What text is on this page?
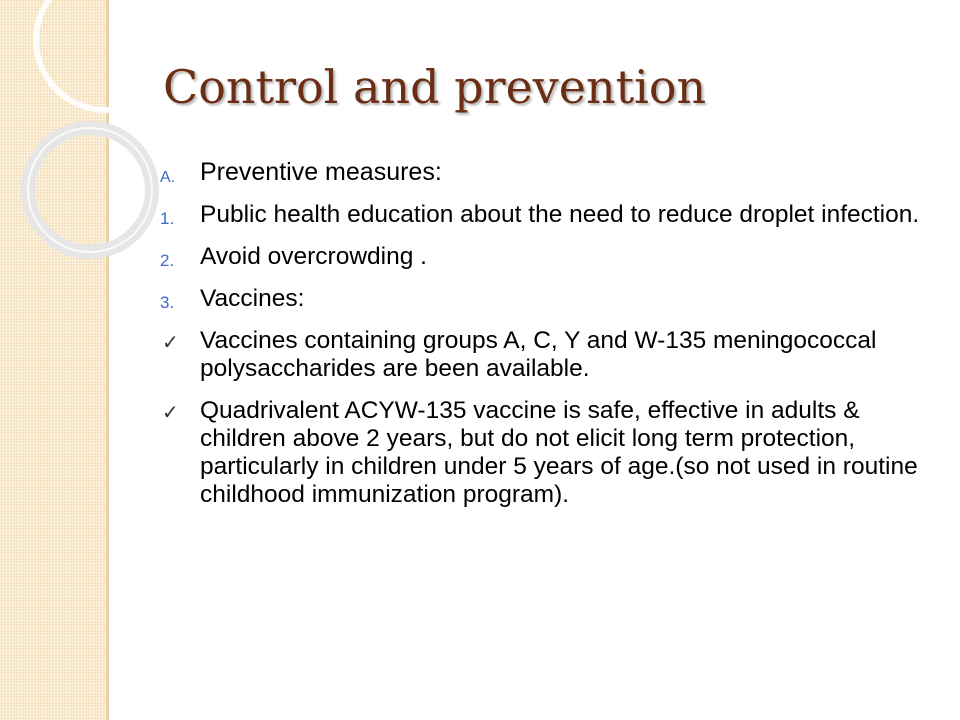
Control and prevention
A. Preventive measures:
1. Public health education about the need to reduce droplet infection.
2. Avoid overcrowding .
3. Vaccines:
✓ Vaccines containing groups A, C, Y and W-135 meningococcal polysaccharides are been available.
✓ Quadrivalent ACYW-135 vaccine is safe, effective in adults & children above 2 years, but do not elicit long term protection, particularly in children under 5 years of age.(so not used in routine childhood immunization program).
